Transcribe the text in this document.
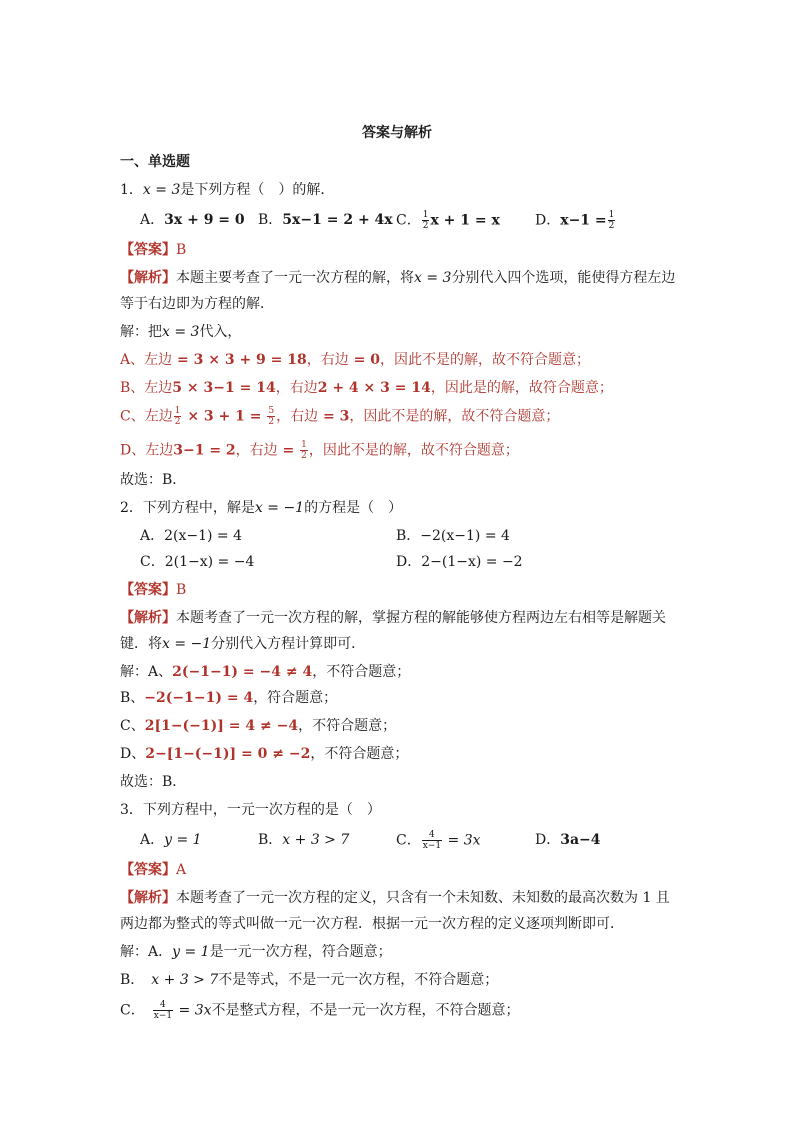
答案与解析
一、单选题
1．x = 3是下列方程（　）的解．
A．3x + 9 = 0 B．5x−1 = 2 + 4x C． $\frac{1}{2}$ x + 1 = x	D．$x-1 = \frac{1}{2}$
【答案】B
【解析】本题主要考查了一元一次方程的解，将x = 3分别代入四个选项，能使得方程左边
等于右边即为方程的解．
解：把x = 3代入，
A、左边 = 3 × 3 + 9 = 18，右边 = 0，因此不是的解，故不符合题意；
B、左边5 × 3−1 = 14，右边2 + 4 × 3 = 14，因此是的解，故符合题意；
C、左边 $\frac{1}{2} \times 3 + 1 = \frac{5}{2}$ ，右边 = 3，因此不是的解，故不符合题意；
D、左边3−1 = 2，右边 = $\frac{1}{2}$ ，因此不是的解，故不符合题意；
故选：B．
2．下列方程中，解是x = −1的方程是（　）
A．2(x−1) = 4	B．−2(x−1) = 4
C．2(1−x) = −4	D．2−(1−x) = −2
【答案】B
【解析】本题考查了一元一次方程的解，掌握方程的解能够使方程两边左右相等是解题关
键．将x = −1分别代入方程计算即可．
解：A、2(−1−1) = −4 ≠ 4，不符合题意；
B、−2(−1−1) = 4，符合题意；
C、2[1−(−1)] = 4 ≠ −4，不符合题意；
D、2−[1−(−1)] = 0 ≠ −2，不符合题意；
故选：B．
3．下列方程中，一元一次方程的是（　）
A．y = 1	B．x + 3 > 7	C． $\frac{4}{x-1} = 3x$	D．3a−4
【答案】A
【解析】本题考查了一元一次方程的定义，只含有一个未知数、未知数的最高次数为 1 且
两边都为整式的等式叫做一元一次方程．根据一元一次方程的定义逐项判断即可．
解：A．y = 1是一元一次方程，符合题意；
B．　x + 3 > 7不是等式，不是一元一次方程，不符合题意；
C．　 $\frac{4}{x-1} = 3x$不是整式方程，不是一元一次方程，不符合题意；
